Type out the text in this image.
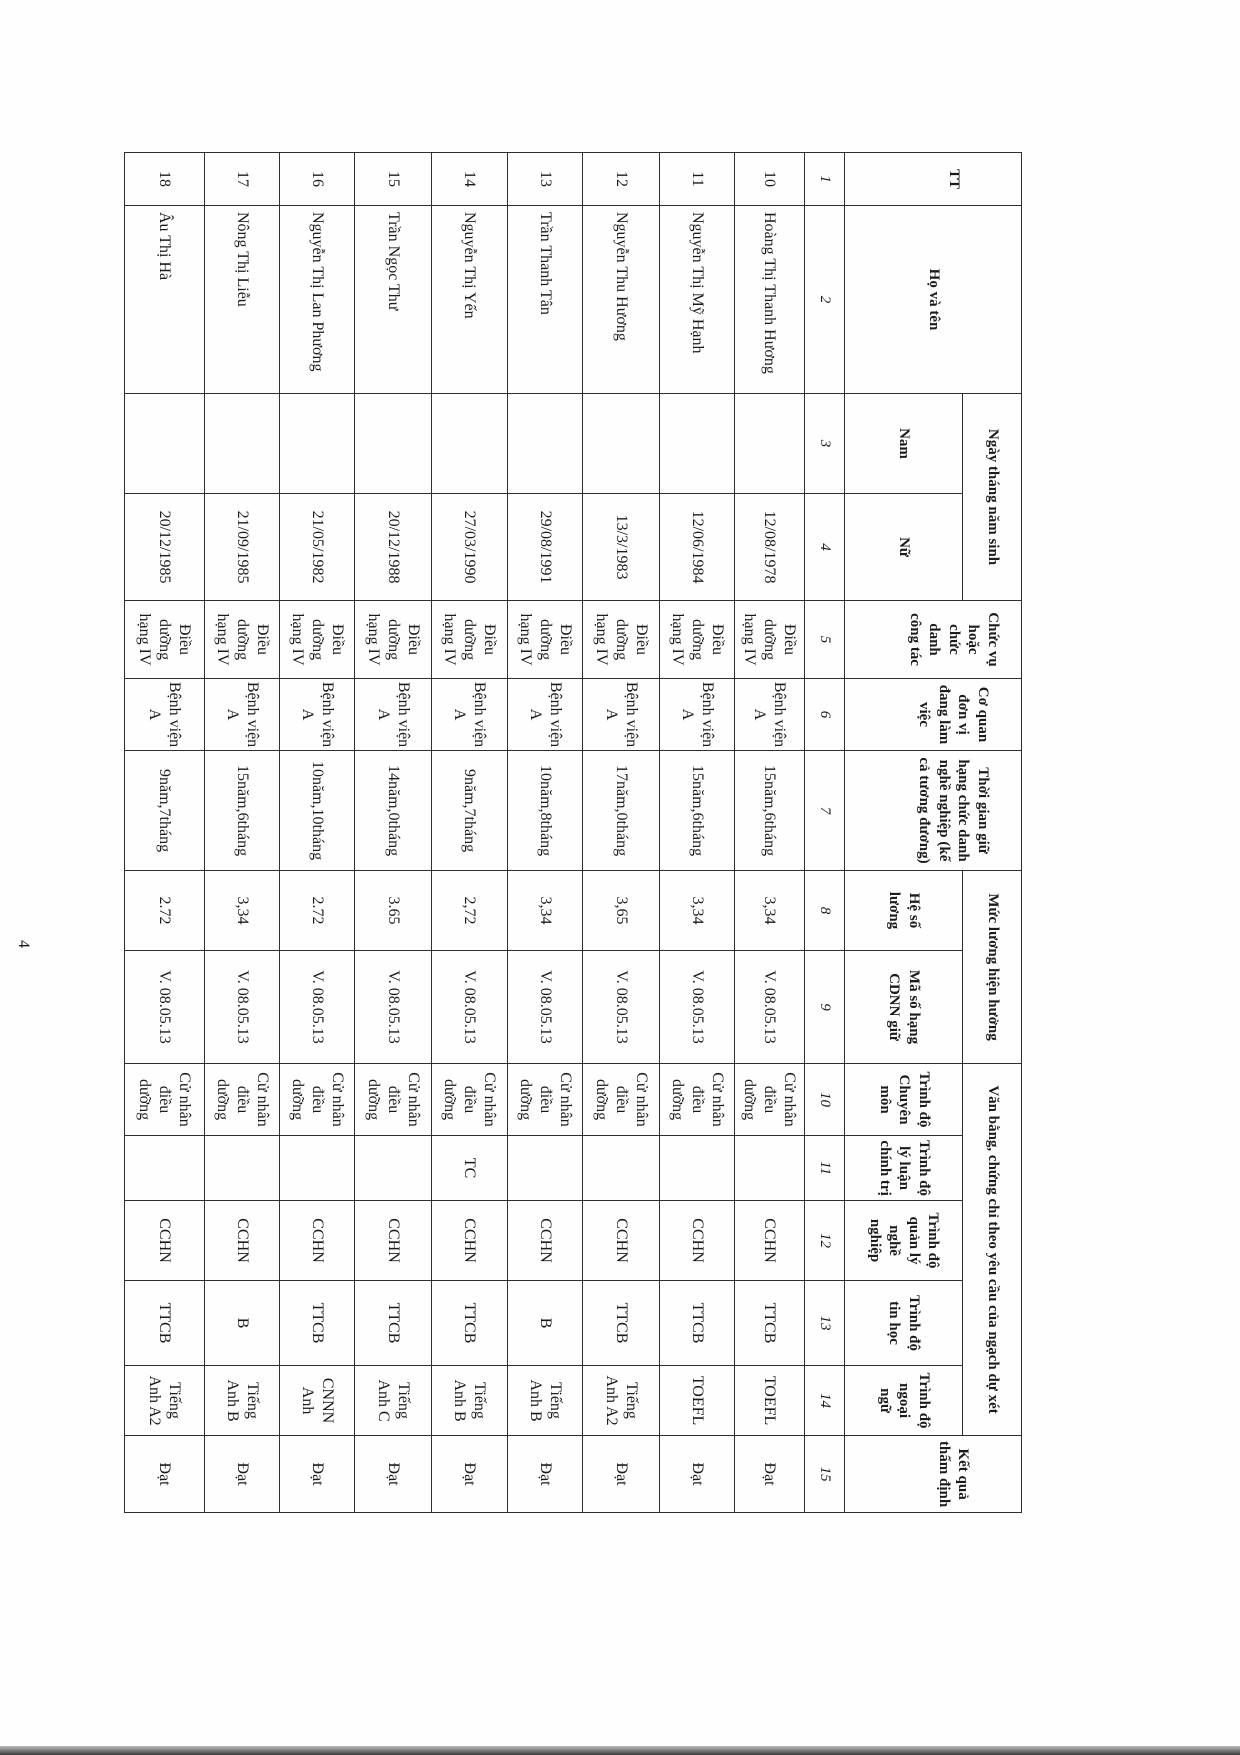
TT	Họ và tên	Ngày tháng năm sinh		Chức vụ hoặc chức danh công tác	Cơ quan đơn vị đang làm việc	Thời gian giữ hạng chức danh nghề nghiệp (kể cả tương đương)	Mức lương hiện hưởng		Văn bằng, chứng chỉ theo yêu cầu của ngạch dự xét					Kết quả thẩm định
		Nam	Nữ				Hệ số lương	Mã số hạng CDNN giữ	Trình độ Chuyên môn	Trình độ lý luận chính trị	Trình độ quản lý nghề nghiệp	Trình độ tin học	Trình độ ngoại ngữ	
1	2	3	4	5	6	7	8	9	10	11	12	13	14	15
10	Hoàng Thị Thanh Hương		12/08/1978	Điều dưỡng hạng IV	Bệnh viện A	15năm,6tháng	3,34	V. 08.05.13	Cử nhân điều dưỡng		CCHN	TTCB	TOEFL	Đạt
11	Nguyễn Thị Mỹ Hạnh		12/06/1984	Điều dưỡng hạng IV	Bệnh viện A	15năm,6tháng	3,34	V. 08.05.13	Cử nhân điều dưỡng		CCHN	TTCB	TOEFL	Đạt
12	Nguyễn Thu Hương		13/3/1983	Điều dưỡng hạng IV	Bệnh viện A	17năm,0tháng	3,65	V. 08.05.13	Cử nhân điều dưỡng		CCHN	TTCB	Tiếng Anh A2	Đạt
13	Trần Thanh Tân		29/08/1991	Điều dưỡng hạng IV	Bệnh viện A	10năm,8tháng	3,34	V. 08.05.13	Cử nhân điều dưỡng		CCHN	B	Tiếng Anh B	Đạt
14	Nguyễn Thị Yến		27/03/1990	Điều dưỡng hạng IV	Bệnh viện A	9năm,7tháng	2,72	V. 08.05.13	Cử nhân điều dưỡng	TC	CCHN	TTCB	Tiếng Anh B	Đạt
15	Trần Ngọc Thư		20/12/1988	Điều dưỡng hạng IV	Bệnh viện A	14năm,0tháng	3.65	V. 08.05.13	Cử nhân điều dưỡng		CCHN	TTCB	Tiếng Anh C	Đạt
16	Nguyễn Thị Lan Phương		21/05/1982	Điều dưỡng hạng IV	Bệnh viện A	10năm,10tháng	2.72	V. 08.05.13	Cử nhân điều dưỡng		CCHN	TTCB	CNNN Anh	Đạt
17	Nông Thị Liễu		21/09/1985	Điều dưỡng hạng IV	Bệnh viện A	15năm,6tháng	3,34	V. 08.05.13	Cử nhân điều dưỡng		CCHN	B	Tiếng Anh B	Đạt
18	Âu Thị Hà		20/12/1985	Điều dưỡng hạng IV	Bệnh viện A	9năm,7tháng	2.72	V. 08.05.13	Cử nhân điều dưỡng		CCHN	TTCB	Tiếng Anh A2	Đạt
4
